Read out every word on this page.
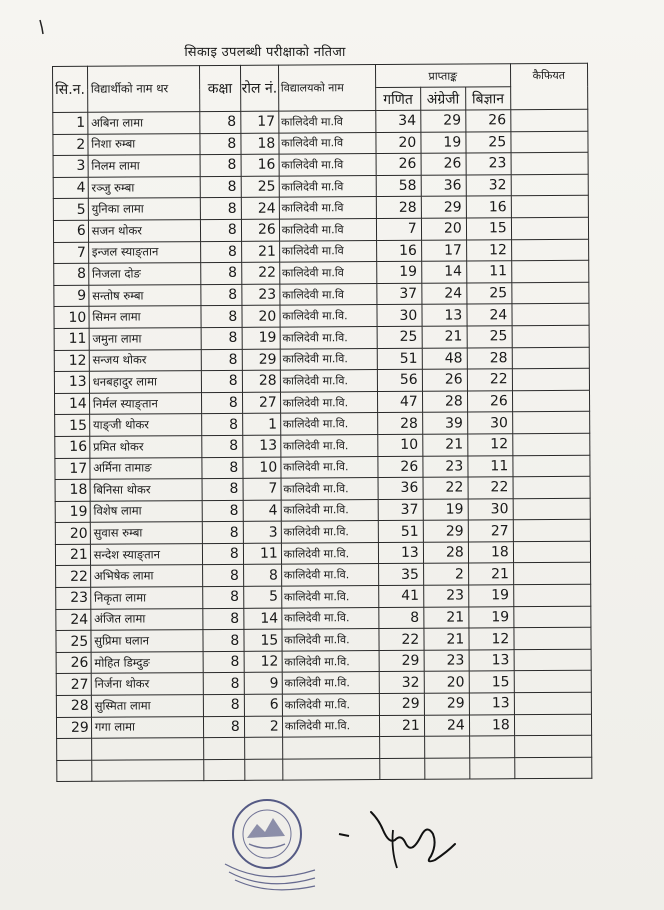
सिकाइ उपलब्धी परीक्षाको नतिजा
सि.न.	विद्यार्थीको नाम थर	कक्षा	रोल नं.	विद्यालयको नाम	प्राप्ताङ्क			कैफियत
					गणित	अंग्रेजी	बिज्ञान	
1	अबिना लामा	8	17	कालिदेवी मा.वि	34	29	26	
2	निशा रुम्बा	8	18	कालिदेवी मा.वि	20	19	25	
3	निलम लामा	8	16	कालिदेवी मा.वि	26	26	23	
4	रञ्जु रुम्बा	8	25	कालिदेवी मा.वि	58	36	32	
5	युनिका लामा	8	24	कालिदेवी मा.वि	28	29	16	
6	सजन थोकर	8	26	कालिदेवी मा.वि	7	20	15	
7	इन्जल स्याङ्तान	8	21	कालिदेवी मा.वि	16	17	12	
8	निजला दोङ	8	22	कालिदेवी मा.वि	19	14	11	
9	सन्तोष रुम्बा	8	23	कालिदेवी मा.वि	37	24	25	
10	सिमन लामा	8	20	कालिदेवी मा.वि.	30	13	24	
11	जमुना लामा	8	19	कालिदेवी मा.वि.	25	21	25	
12	सन्जय थोकर	8	29	कालिदेवी मा.वि.	51	48	28	
13	धनबहादुर लामा	8	28	कालिदेवी मा.वि.	56	26	22	
14	निर्मल स्याङ्तान	8	27	कालिदेवी मा.वि.	47	28	26	
15	याङ्जी थोकर	8	1	कालिदेवी मा.वि.	28	39	30	
16	प्रमित थोकर	8	13	कालिदेवी मा.वि.	10	21	12	
17	अर्मिना तामाङ	8	10	कालिदेवी मा.वि.	26	23	11	
18	बिनिसा थोकर	8	7	कालिदेवी मा.वि.	36	22	22	
19	विशेष लामा	8	4	कालिदेवी मा.वि.	37	19	30	
20	सुवास रुम्बा	8	3	कालिदेवी मा.वि.	51	29	27	
21	सन्देश स्याङ्तान	8	11	कालिदेवी मा.वि.	13	28	18	
22	अभिषेक लामा	8	8	कालिदेवी मा.वि.	35	2	21	
23	निकृता लामा	8	5	कालिदेवी मा.वि.	41	23	19	
24	अंजित लामा	8	14	कालिदेवी मा.वि.	8	21	19	
25	सुप्रिमा घलान	8	15	कालिदेवी मा.वि.	22	21	12	
26	मोहित डिम्दुङ	8	12	कालिदेवी मा.वि.	29	23	13	
27	निर्जना थोकर	8	9	कालिदेवी मा.वि.	32	20	15	
28	सुस्मिता लामा	8	6	कालिदेवी मा.वि.	29	29	13	
29	गगा लामा	8	2	कालिदेवी मा.वि.	21	24	18	
